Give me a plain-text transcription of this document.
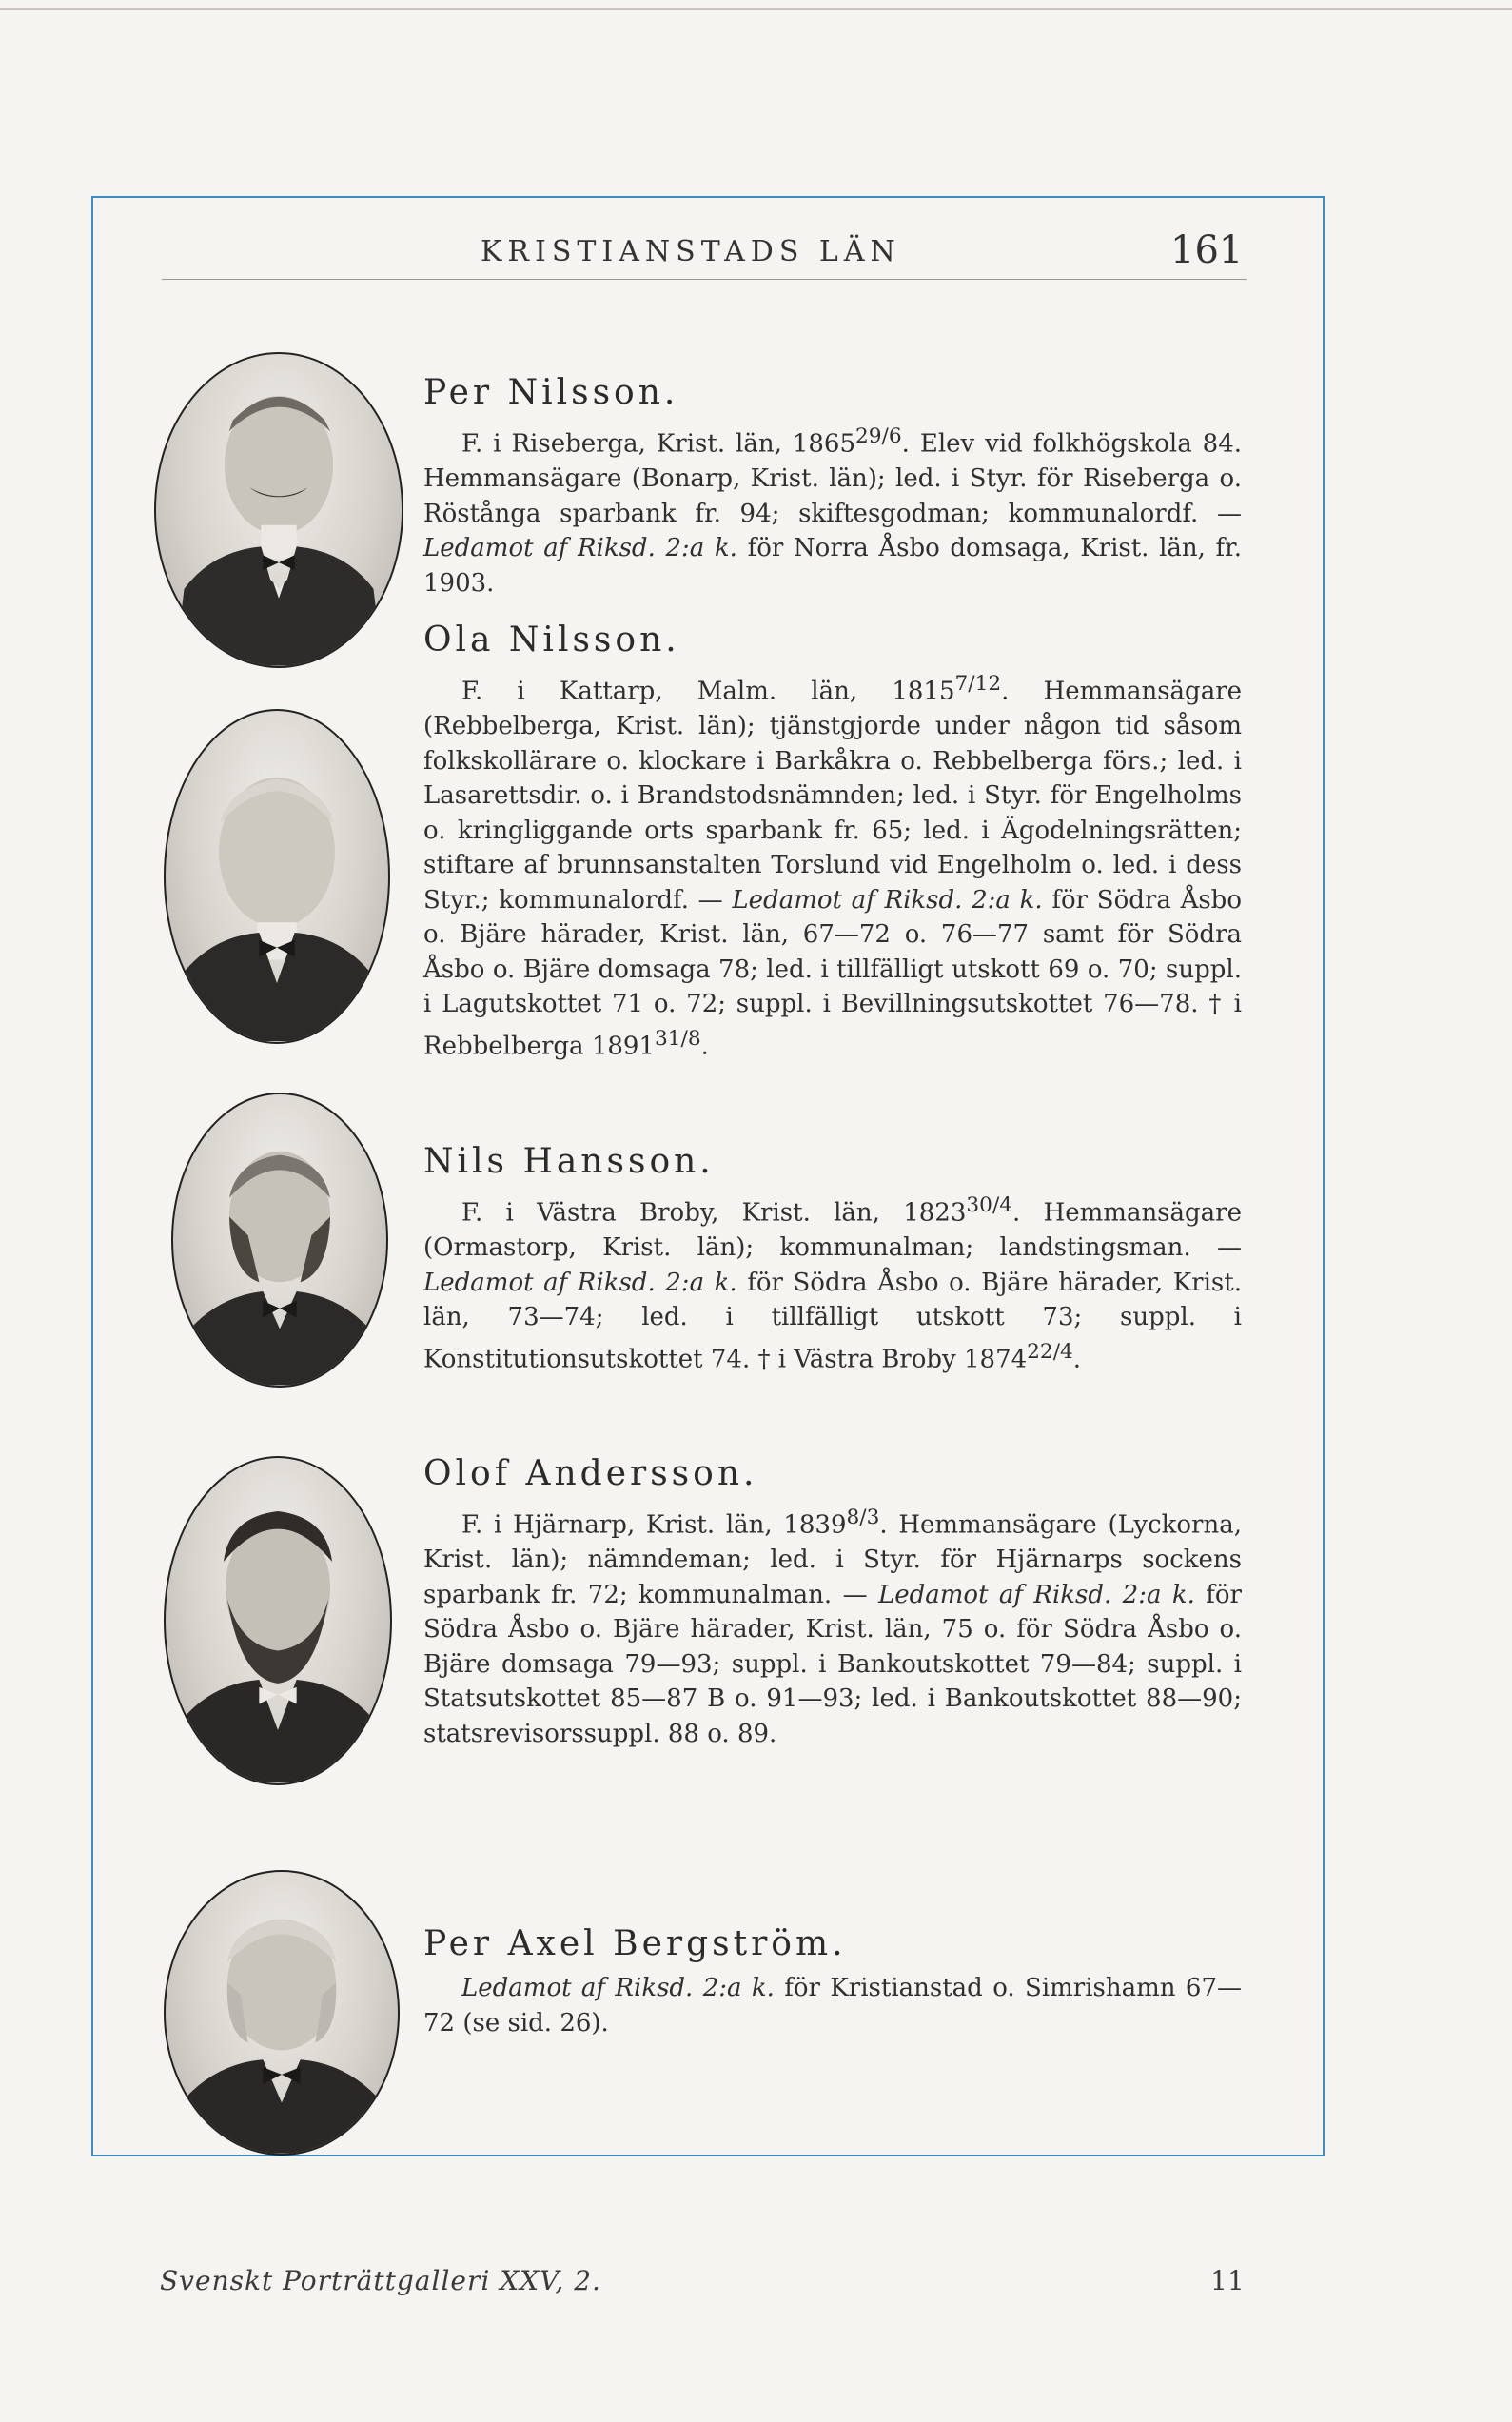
KRISTIANSTADS LÄN	161
Per Nilsson.

F. i Riseberga, Krist. län, $1865^{29/6}$. Elev vid folkhögskola 84. Hemmansägare (Bonarp, Krist. län); led. i Styr. för Riseberga o. Röstånga sparbank fr. 94; skiftesgodman; kommunalordf. — Ledamot af Riksd. 2:a k. för Norra Åsbo domsaga, Krist. län, fr. 1903.

Ola Nilsson.

F. i Kattarp, Malm. län, $1815^{7/12}$. Hemmansägare (Rebbelberga, Krist. län); tjänstgjorde under någon tid såsom folkskollärare o. klockare i Barkåkra o. Rebbelberga förs.; led. i Lasarettsdir. o. i Brandstodsnämnden; led. i Styr. för Engelholms o. kringliggande orts sparbank fr. 65; led. i Ägodelningsrätten; stiftare af brunnsanstalten Torslund vid Engelholm o. led. i dess Styr.; kommunalordf. — Ledamot af Riksd. 2:a k. för Södra Åsbo o. Bjäre härader, Krist. län, 67—72 o. 76—77 samt för Södra Åsbo o. Bjäre domsaga 78; led. i tillfälligt utskott 69 o. 70; suppl. i Lagutskottet 71 o. 72; suppl. i Bevillningsutskottet 76—78. † i Rebbelberga $1891^{31/8}$.

Nils Hansson.

F. i Västra Broby, Krist. län, $1823^{30/4}$. Hemmansägare (Ormastorp, Krist. län); kommunalman; landstingsman. — Ledamot af Riksd. 2:a k. för Södra Åsbo o. Bjäre härader, Krist. län, 73—74; led. i tillfälligt utskott 73; suppl. i Konstitutionsutskottet 74. † i Västra Broby $1874^{22/4}$.

Olof Andersson.

F. i Hjärnarp, Krist. län, $1839^{8/3}$. Hemmansägare (Lyckorna, Krist. län); nämndeman; led. i Styr. för Hjärnarps sockens sparbank fr. 72; kommunalman. — Ledamot af Riksd. 2:a k. för Södra Åsbo o. Bjäre härader, Krist. län, 75 o. för Södra Åsbo o. Bjäre domsaga 79—93; suppl. i Bankoutskottet 79—84; suppl. i Statsutskottet 85—87 B o. 91—93; led. i Bankoutskottet 88—90; statsrevisorssuppl. 88 o. 89.

Per Axel Bergström.

Ledamot af Riksd. 2:a k. för Kristianstad o. Simrishamn 67—72 (se sid. 26).

Svenskt Porträttgalleri XXV, 2.	11
